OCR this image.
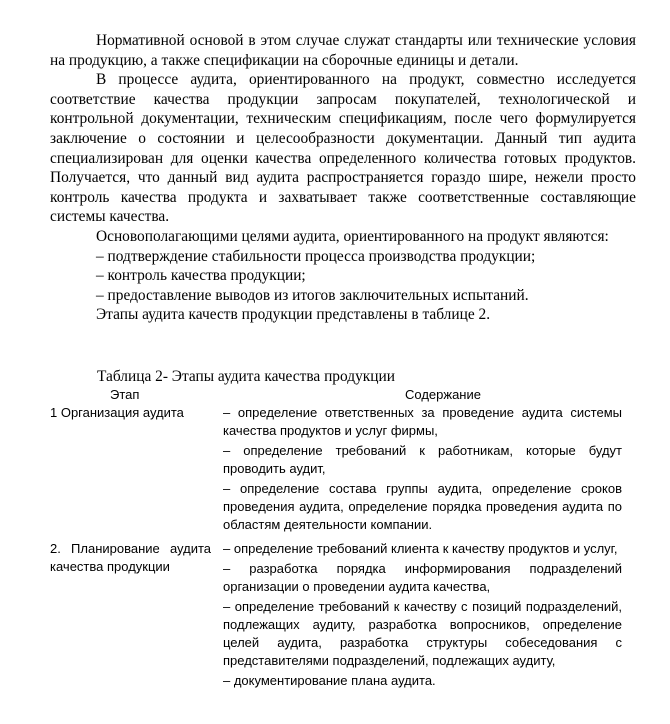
Нормативной основой в этом случае служат стандарты или технические условия на продукцию, а также спецификации на сборочные единицы и детали.

В процессе аудита, ориентированного на продукт, совместно исследуется соответствие качества продукции запросам покупателей, технологической и контрольной документации, техническим спецификациям, после чего формулируется заключение о состоянии и целесообразности документации. Данный тип аудита специализирован для оценки качества определенного количества готовых продуктов. Получается, что данный вид аудита распространяется гораздо шире, нежели просто контроль качества продукта и захватывает также соответственные составляющие системы качества.

Основополагающими целями аудита, ориентированного на продукт являются:

– подтверждение стабильности процесса производства продукции;

– контроль качества продукции;

– предоставление выводов из итогов заключительных испытаний.

Этапы аудита качеств продукции представлены в таблице 2.

Таблица 2- Этапы аудита качества продукции

Этап	Содержание
1 Организация аудита	– определение ответственных за проведение аудита системы качества продуктов и услуг фирмы,

– определение требований к работникам, которые будут проводить аудит,

– определение состава группы аудита, определение сроков проведения аудита, определение порядка проведения аудита по областям деятельности компании.

2. Планирование аудита качества продукции

– определение требований клиента к качеству продуктов и услуг,

– разработка порядка информирования подразделений организации о проведении аудита качества,

– определение требований к качеству с позиций подразделений, подлежащих аудиту, разработка вопросников, определение целей аудита, разработка структуры собеседования с представителями подразделений, подлежащих аудиту,

– документирование плана аудита.
